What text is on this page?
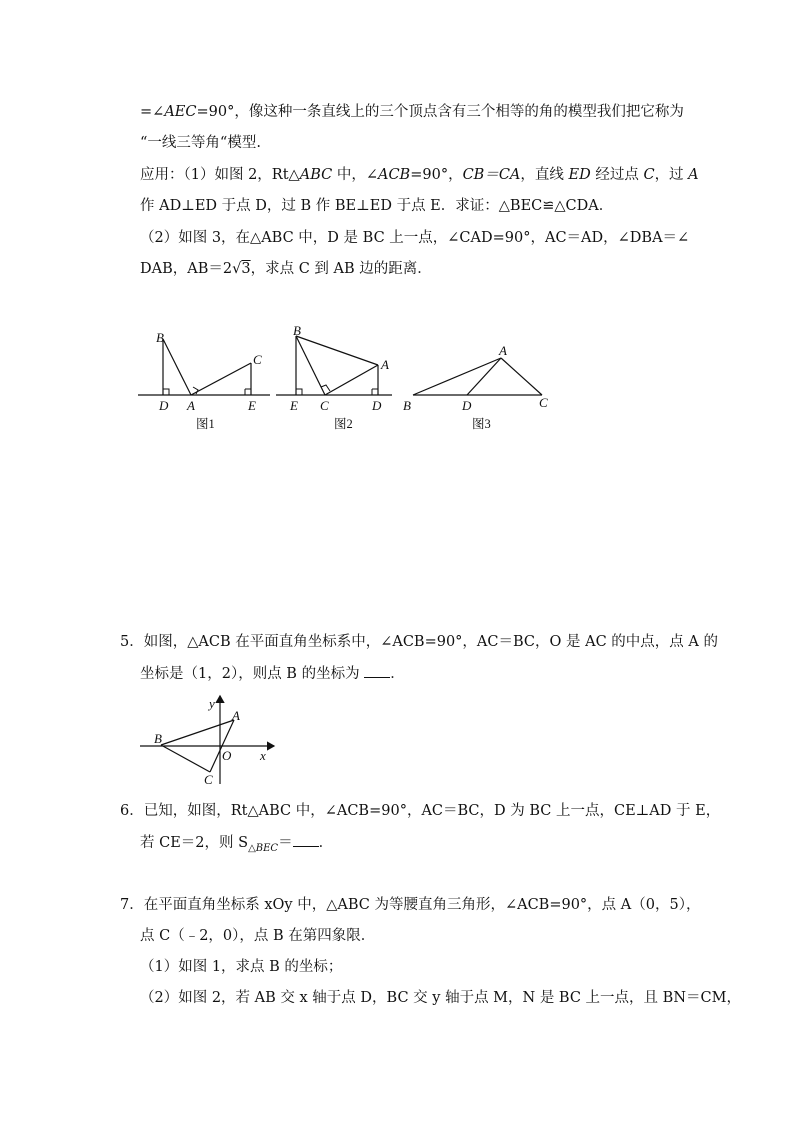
=∠AEC=90°，像这种一条直线上的三个顶点含有三个相等的角的模型我们把它称为
“一线三等角“模型.
应用：（1）如图 2，Rt△ABC 中，∠ACB=90°，CB＝CA，直线 ED 经过点 C，过 A
作 AD⊥ED 于点 D，过 B 作 BE⊥ED 于点 E．求证：△BEC≌△CDA．
（2）如图 3，在△ABC 中，D 是 BC 上一点，∠CAD=90°，AC＝AD，∠DBA＝∠
DAB，AB＝2√3，求点 C 到 AB 边的距离．
B
D A	E
C
图1
B
E C	D
A
图2
B	D	C
A
图3
5．如图，△ACB 在平面直角坐标系中，∠ACB=90°，AC＝BC，O 是 AC 的中点，点 A 的
坐标是（1，2），则点 B 的坐标为 ．
y
x
A
B
O
C
6．已知，如图，Rt△ABC 中，∠ACB=90°，AC＝BC，D 为 BC 上一点，CE⊥AD 于 E，
若 CE＝2，则 $S_{\triangle BEC}=$ ．
7．在平面直角坐标系 xOy 中，△ABC 为等腰直角三角形，∠ACB=90°，点 A（0，5），
点 C（﹣2，0），点 B 在第四象限．
（1）如图 1，求点 B 的坐标；
（2）如图 2，若 AB 交 x 轴于点 D，BC 交 y 轴于点 M，N 是 BC 上一点，且 BN＝CM，
